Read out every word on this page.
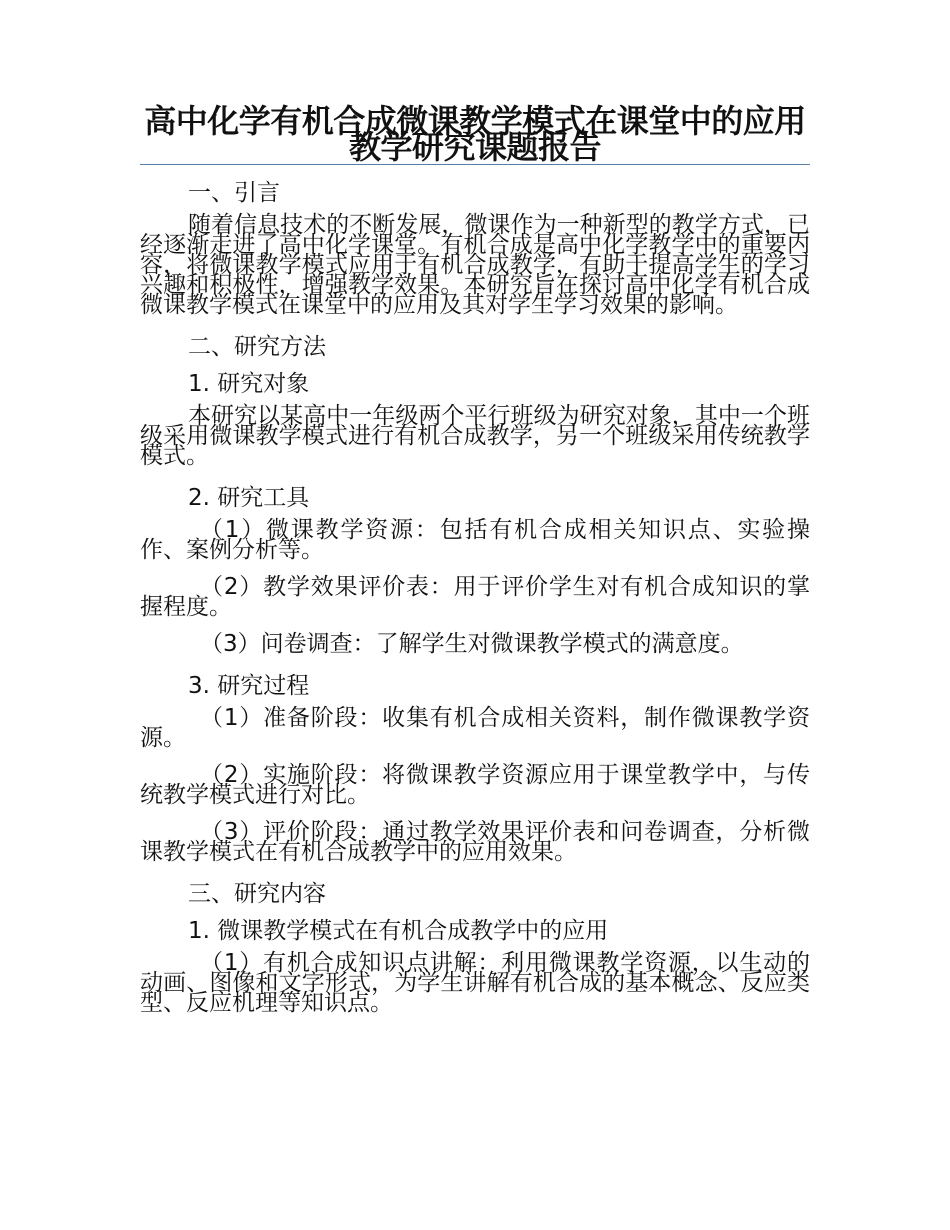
高中化学有机合成微课教学模式在课堂中的应用教学研究课题报告

一、引言

随着信息技术的不断发展，微课作为一种新型的教学方式，已经逐渐走进了高中化学课堂。有机合成是高中化学教学中的重要内容，将微课教学模式应用于有机合成教学，有助于提高学生的学习兴趣和积极性，增强教学效果。本研究旨在探讨高中化学有机合成微课教学模式在课堂中的应用及其对学生学习效果的影响。

二、研究方法

1. 研究对象

本研究以某高中一年级两个平行班级为研究对象，其中一个班级采用微课教学模式进行有机合成教学，另一个班级采用传统教学模式。

2. 研究工具

（1）微课教学资源：包括有机合成相关知识点、实验操作、案例分析等。

（2）教学效果评价表：用于评价学生对有机合成知识的掌握程度。

（3）问卷调查：了解学生对微课教学模式的满意度。

3. 研究过程

（1）准备阶段：收集有机合成相关资料，制作微课教学资源。

（2）实施阶段：将微课教学资源应用于课堂教学中，与传统教学模式进行对比。

（3）评价阶段：通过教学效果评价表和问卷调查，分析微课教学模式在有机合成教学中的应用效果。

三、研究内容

1. 微课教学模式在有机合成教学中的应用

（1）有机合成知识点讲解：利用微课教学资源，以生动的动画、图像和文字形式，为学生讲解有机合成的基本概念、反应类型、反应机理等知识点。
